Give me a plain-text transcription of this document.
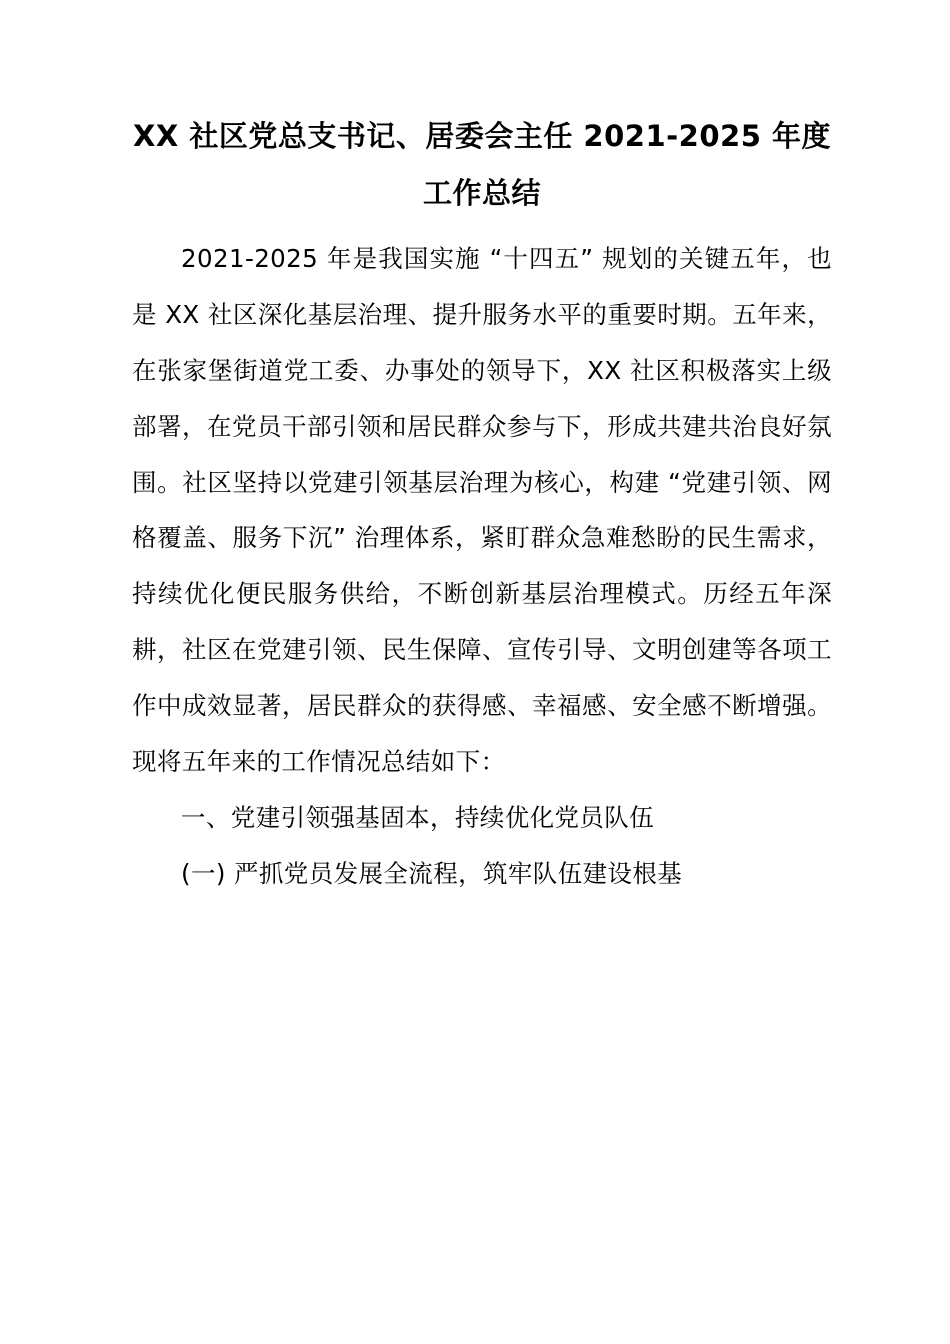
XX 社区党总支书记、居委会主任 2021-2025 年度工作总结

2021-2025 年是我国实施 “十四五” 规划的关键五年，也是 XX 社区深化基层治理、提升服务水平的重要时期。五年来，在张家堡街道党工委、办事处的领导下，XX 社区积极落实上级部署，在党员干部引领和居民群众参与下，形成共建共治良好氛围。社区坚持以党建引领基层治理为核心，构建 “党建引领、网格覆盖、服务下沉” 治理体系，紧盯群众急难愁盼的民生需求，持续优化便民服务供给，不断创新基层治理模式。历经五年深耕，社区在党建引领、民生保障、宣传引导、文明创建等各项工作中成效显著，居民群众的获得感、幸福感、安全感不断增强。现将五年来的工作情况总结如下：

一、党建引领强基固本，持续优化党员队伍

(一) 严抓党员发展全流程，筑牢队伍建设根基
